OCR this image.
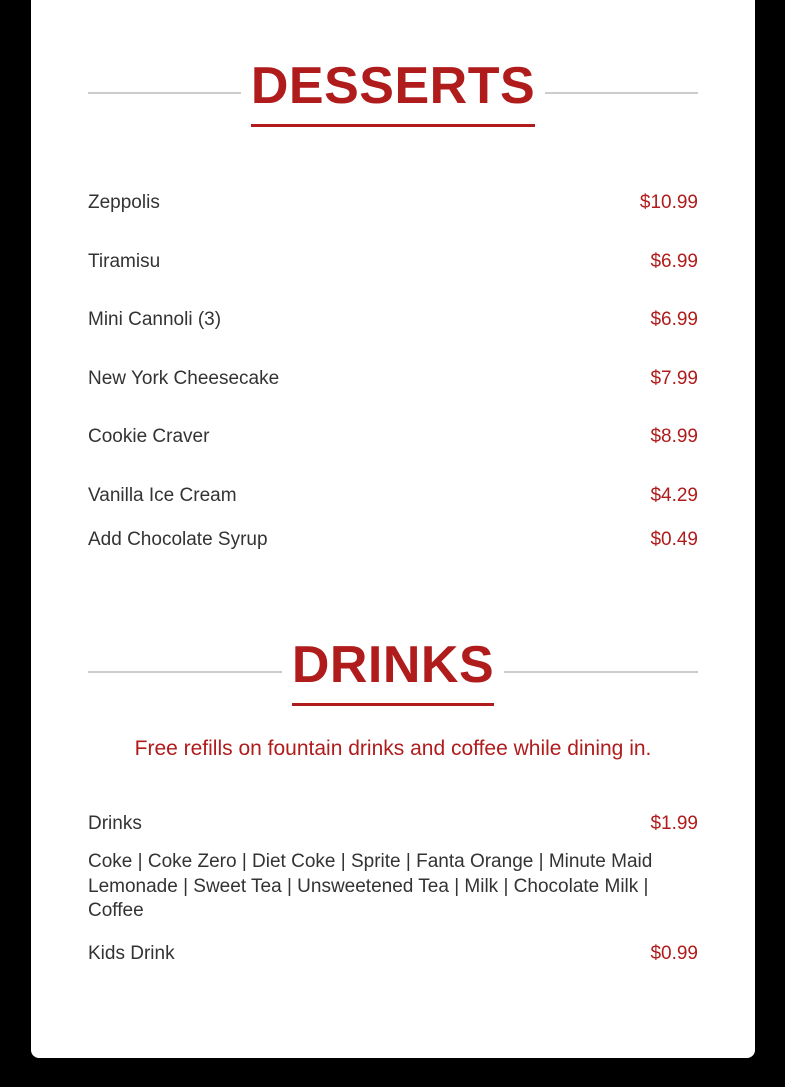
DESSERTS
Zeppolis	$10.99
Tiramisu	$6.99
Mini Cannoli (3)	$6.99
New York Cheesecake	$7.99
Cookie Craver	$8.99
Vanilla Ice Cream	$4.29
Add Chocolate Syrup	$0.49
DRINKS
Free refills on fountain drinks and coffee while dining in.
Drinks	$1.99
Coke | Coke Zero | Diet Coke | Sprite | Fanta Orange | Minute Maid Lemonade | Sweet Tea | Unsweetened Tea | Milk | Chocolate Milk | Coffee
Kids Drink	$0.99
